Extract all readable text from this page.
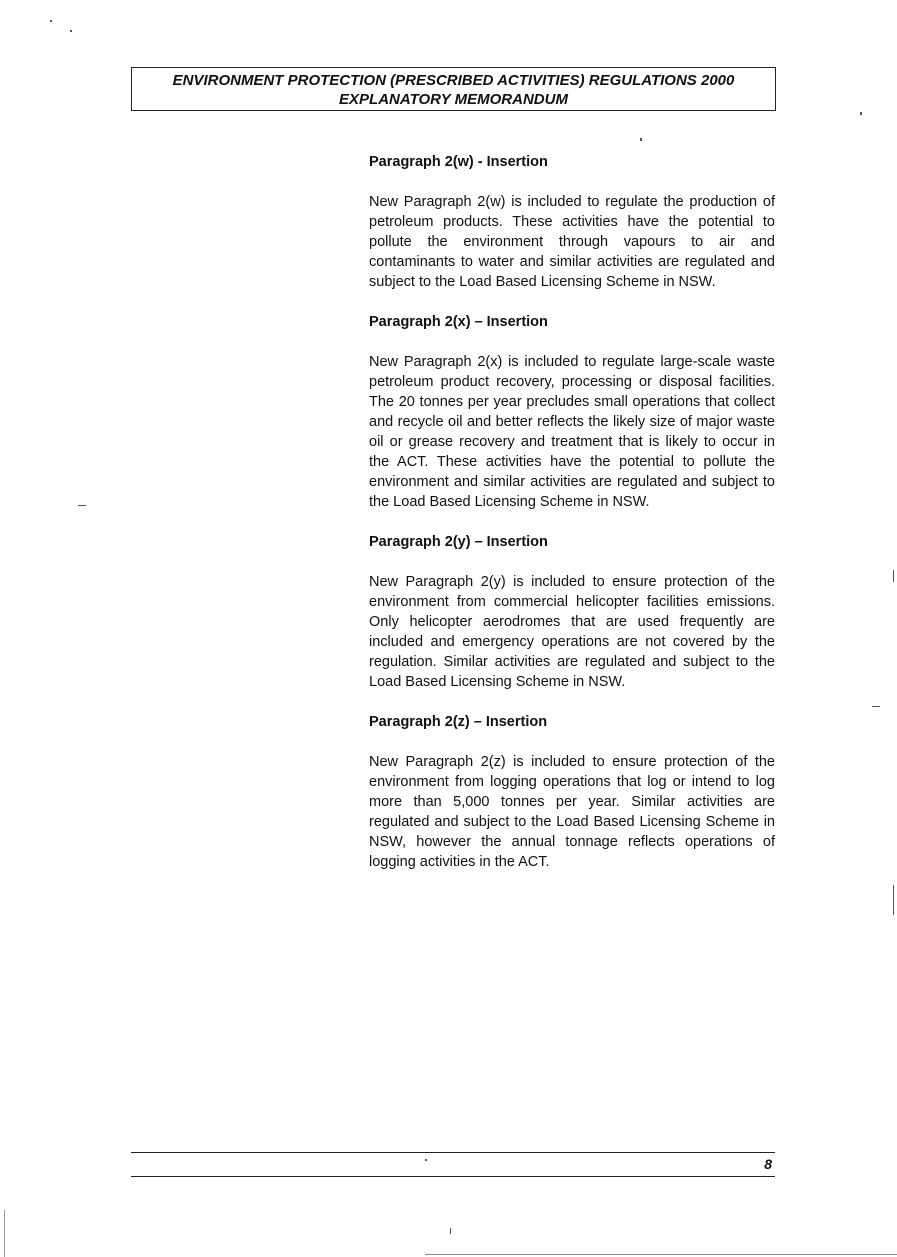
ENVIRONMENT PROTECTION (PRESCRIBED ACTIVITIES) REGULATIONS 2000
EXPLANATORY MEMORANDUM

Paragraph 2(w) - Insertion

New Paragraph 2(w) is included to regulate the production of petroleum products. These activities have the potential to pollute the environment through vapours to air and contaminants to water and similar activities are regulated and subject to the Load Based Licensing Scheme in NSW.

Paragraph 2(x) – Insertion

New Paragraph 2(x) is included to regulate large-scale waste petroleum product recovery, processing or disposal facilities. The 20 tonnes per year precludes small operations that collect and recycle oil and better reflects the likely size of major waste oil or grease recovery and treatment that is likely to occur in the ACT. These activities have the potential to pollute the environment and similar activities are regulated and subject to the Load Based Licensing Scheme in NSW.

Paragraph 2(y) – Insertion

New Paragraph 2(y) is included to ensure protection of the environment from commercial helicopter facilities emissions. Only helicopter aerodromes that are used frequently are included and emergency operations are not covered by the regulation. Similar activities are regulated and subject to the Load Based Licensing Scheme in NSW.

Paragraph 2(z) – Insertion

New Paragraph 2(z) is included to ensure protection of the environment from logging operations that log or intend to log more than 5,000 tonnes per year. Similar activities are regulated and subject to the Load Based Licensing Scheme in NSW, however the annual tonnage reflects operations of logging activities in the ACT.

8
